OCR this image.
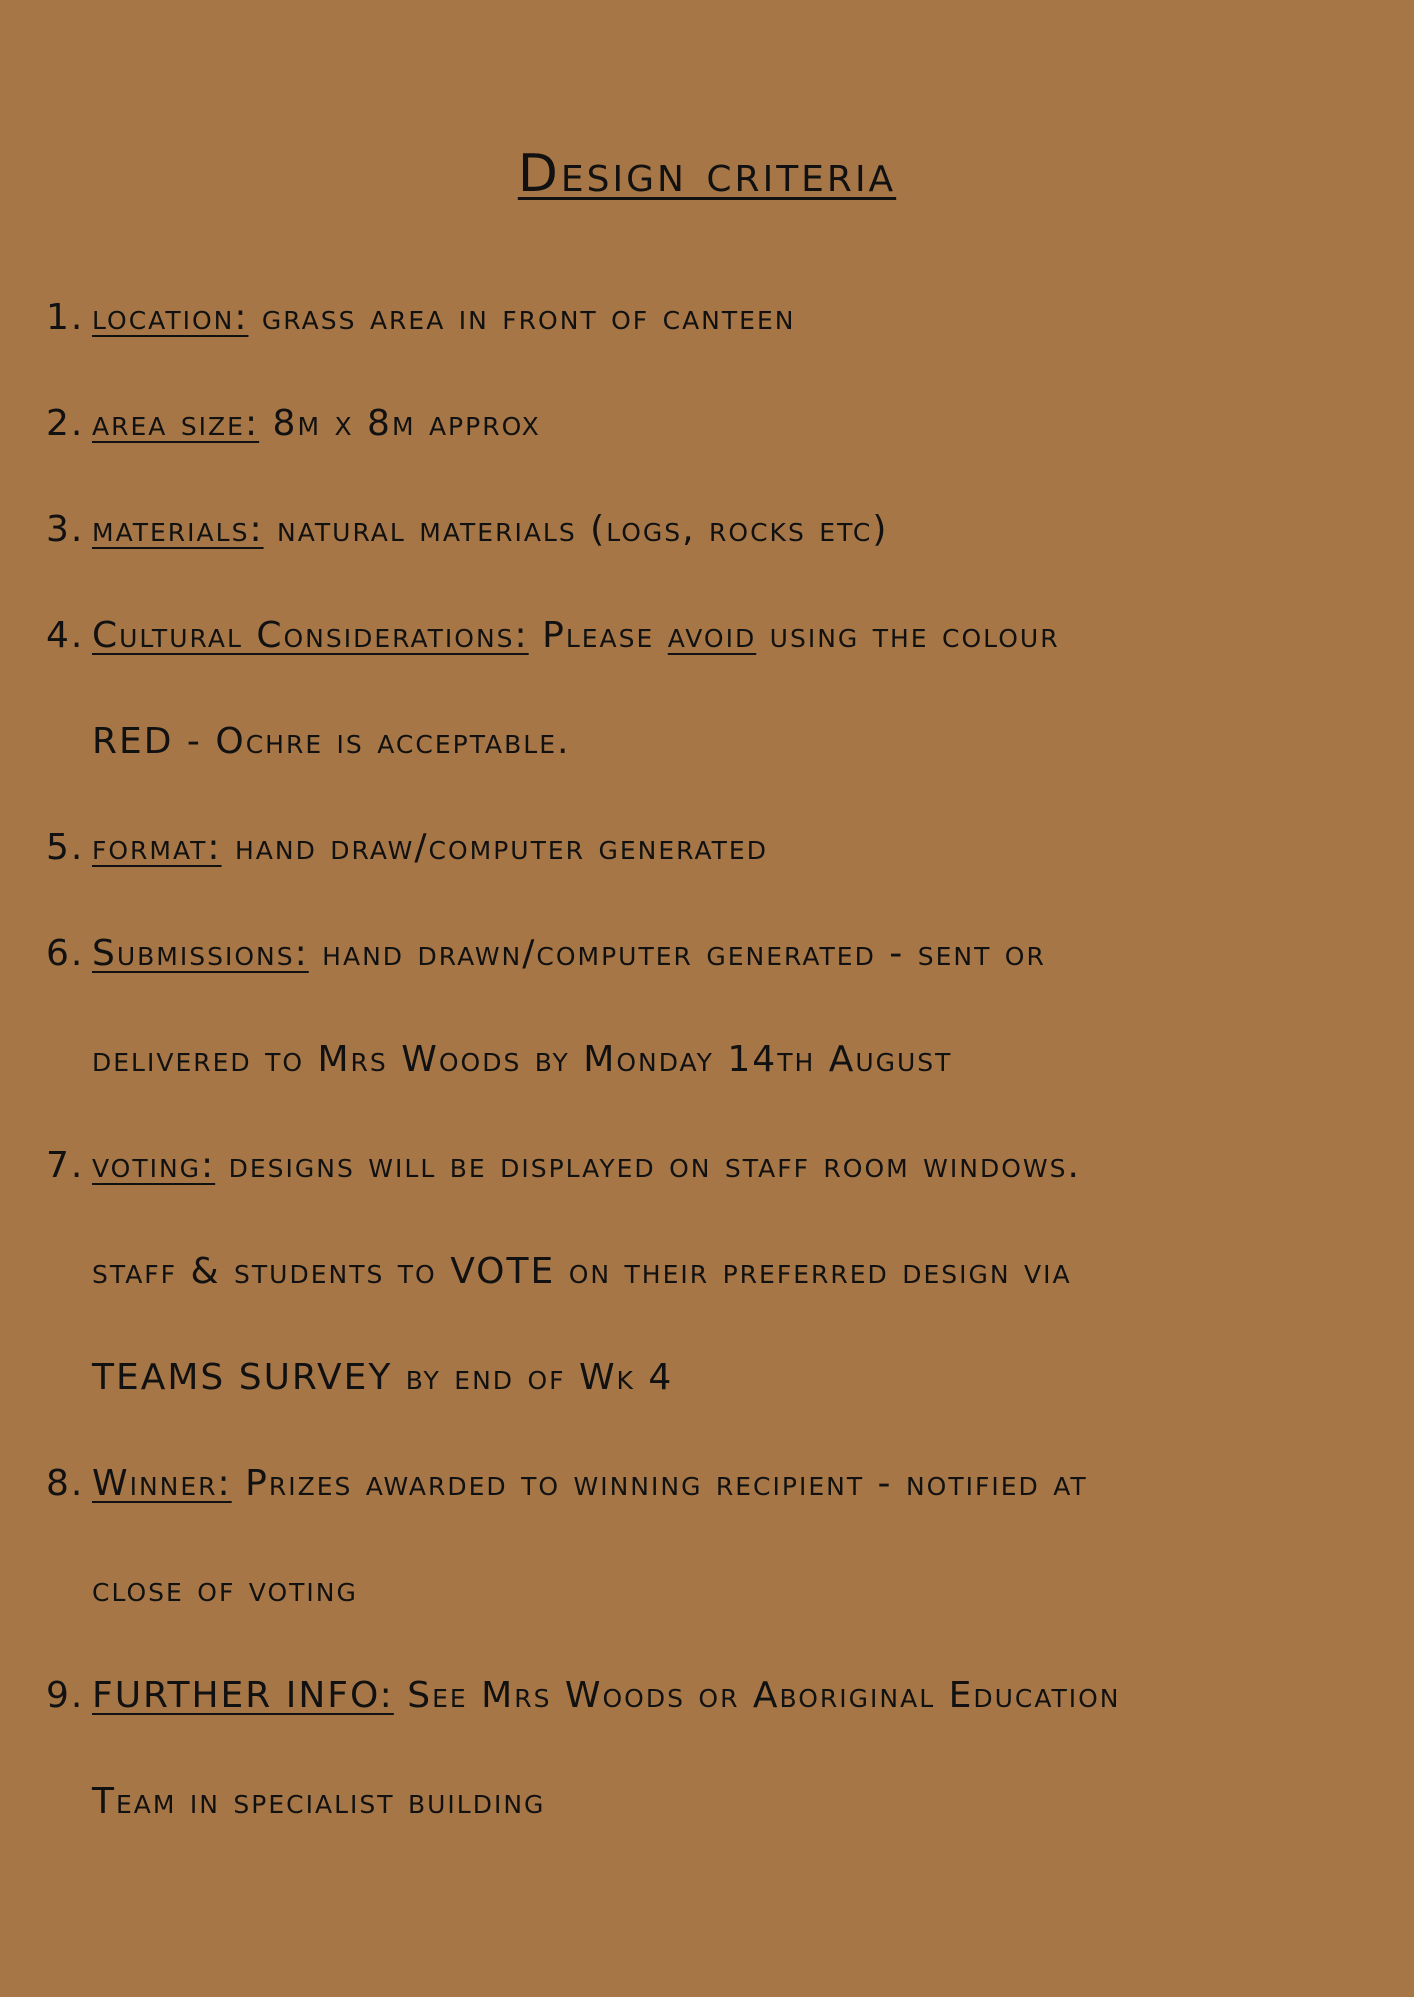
Design criteria
1. location: grass area in front of canteen
2. area size: 8m x 8m approx
3. materials: natural materials (logs, rocks etc)
4. Cultural Considerations: Please avoid using the colour
RED - Ochre is acceptable.
5. format: hand draw/computer generated
6. Submissions: hand drawn/computer generated - sent or
delivered to Mrs Woods by Monday 14th August
7. voting: designs will be displayed on staff room windows.
staff & students to VOTE on their preferred design via
TEAMS SURVEY by end of Wk 4
8. Winner: Prizes awarded to winning recipient - notified at
close of voting
9. FURTHER INFO: See Mrs Woods or Aboriginal Education
Team in specialist building
